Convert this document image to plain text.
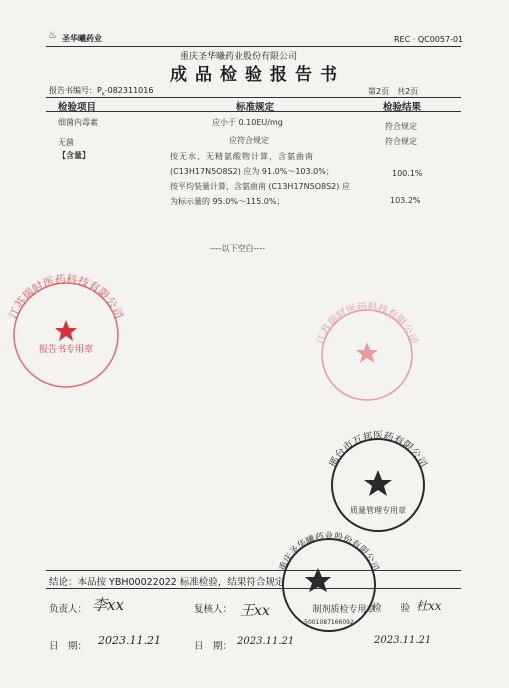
♨ 圣华曦药业	REC · QC0057-01
重庆圣华曦药业股份有限公司
成品检验报告书
报告书编号：$P_k-082311016$	第2页　共2页
检验项目	标准规定	检验结果
细菌内毒素	应小于 0.10EU/mg	符合规定
无菌	应符合规定	符合规定
【含量】	按无水、无精氨酸物计算，含氨曲南
(C13H17N5O8S2) 应为 91.0%～103.0%；	100.1%
按平均装量计算，含氨曲南 (C13H17N5O8S2) 应
为标示量的 95.0%～115.0%；	103.2%
----以下空白----
结论：本品按 YBH00022022 标准检验，结果符合规定
负责人： 李xx	复核人： 王xx	检　　验 杜xx
日　期： 2023.11.21	日　期： 2023.11.21	2023.11.21
江苏瑞时医药科技有限公司
报告书专用章
江苏瑞时医药科技有限公司
邢台市万邦医药有限公司
质量管理专用章
重庆圣华曦药业股份有限公司
制剂质检专用章
5001087166092
